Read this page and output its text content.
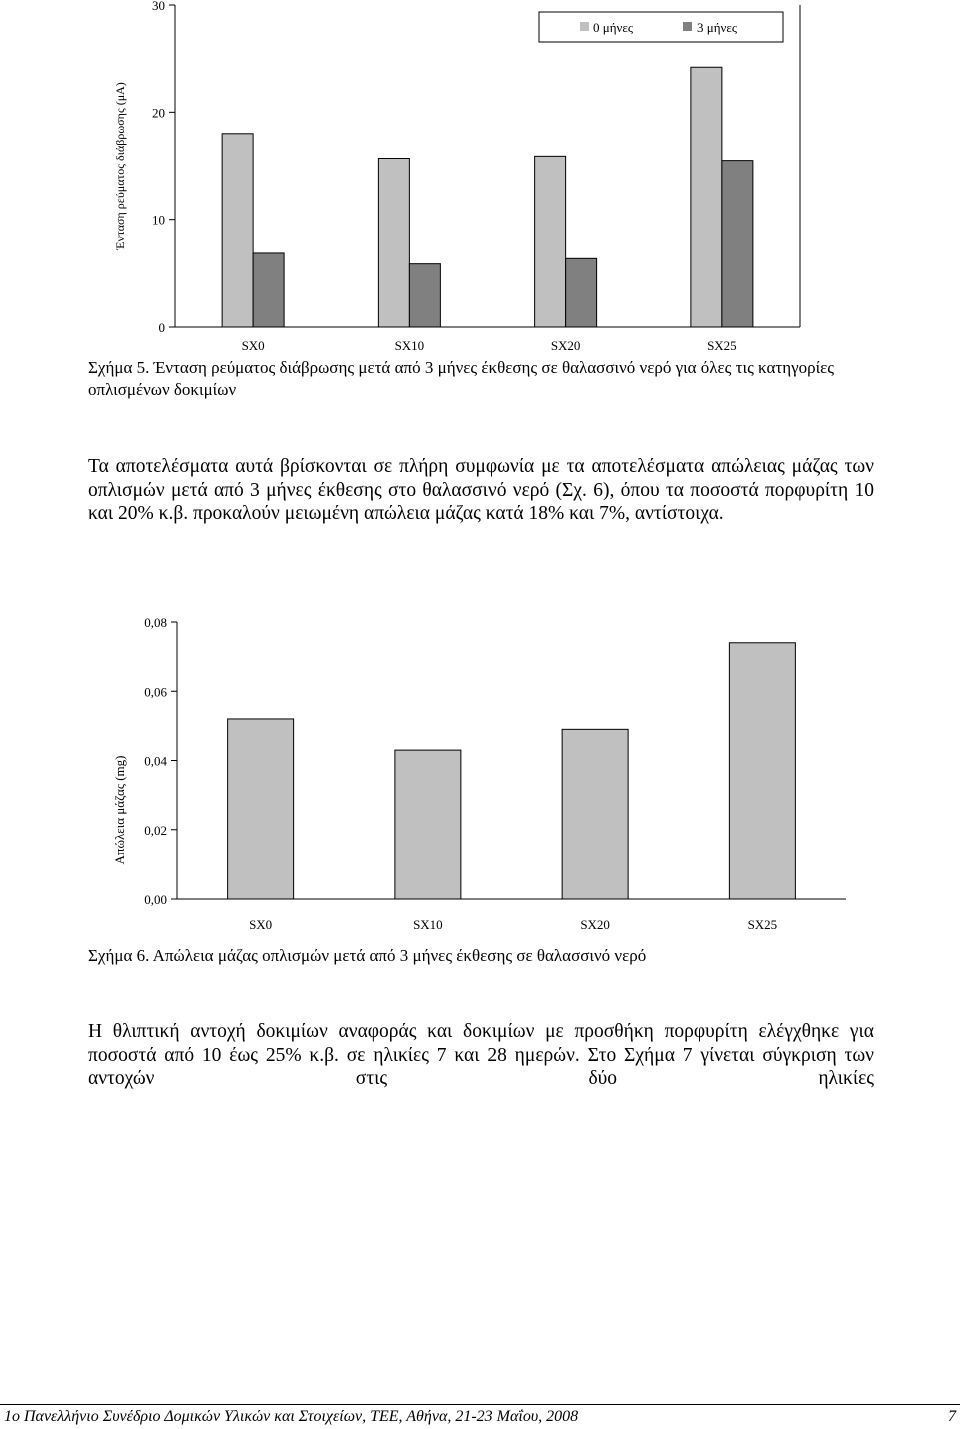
0
10
20
30
SX0	SX10	SX20	SX25
Ένταση ρεύματος διάβρωσης (μΑ)
0 μήνες	3 μήνες

Σχήμα 5. Ένταση ρεύματος διάβρωσης μετά από 3 μήνες έκθεσης σε θαλασσινό νερό για όλες τις κατηγορίες οπλισμένων δοκιμίων

Τα αποτελέσματα αυτά βρίσκονται σε πλήρη συμφωνία με τα αποτελέσματα απώλειας μάζας των οπλισμών μετά από 3 μήνες έκθεσης στο θαλασσινό νερό (Σχ. 6), όπου τα ποσοστά πορφυρίτη 10 και 20% κ.β. προκαλούν μειωμένη απώλεια μάζας κατά 18% και 7%, αντίστοιχα.

0,00
0,02
0,04
0,06
0,08
SX0	SX10	SX20	SX25
Απώλεια μάζας (mg)

Σχήμα 6. Απώλεια μάζας οπλισμών μετά από 3 μήνες έκθεσης σε θαλασσινό νερό

Η θλιπτική αντοχή δοκιμίων αναφοράς και δοκιμίων με προσθήκη πορφυρίτη ελέγχθηκε για ποσοστά από 10 έως 25% κ.β. σε ηλικίες 7 και 28 ημερών. Στο Σχήμα 7 γίνεται σύγκριση των αντοχών στις δύο ηλικίες

1ο Πανελλήνιο Συνέδριο Δομικών Υλικών και Στοιχείων, ΤΕΕ, Αθήνα, 21-23 Μαΐου, 2008	7
